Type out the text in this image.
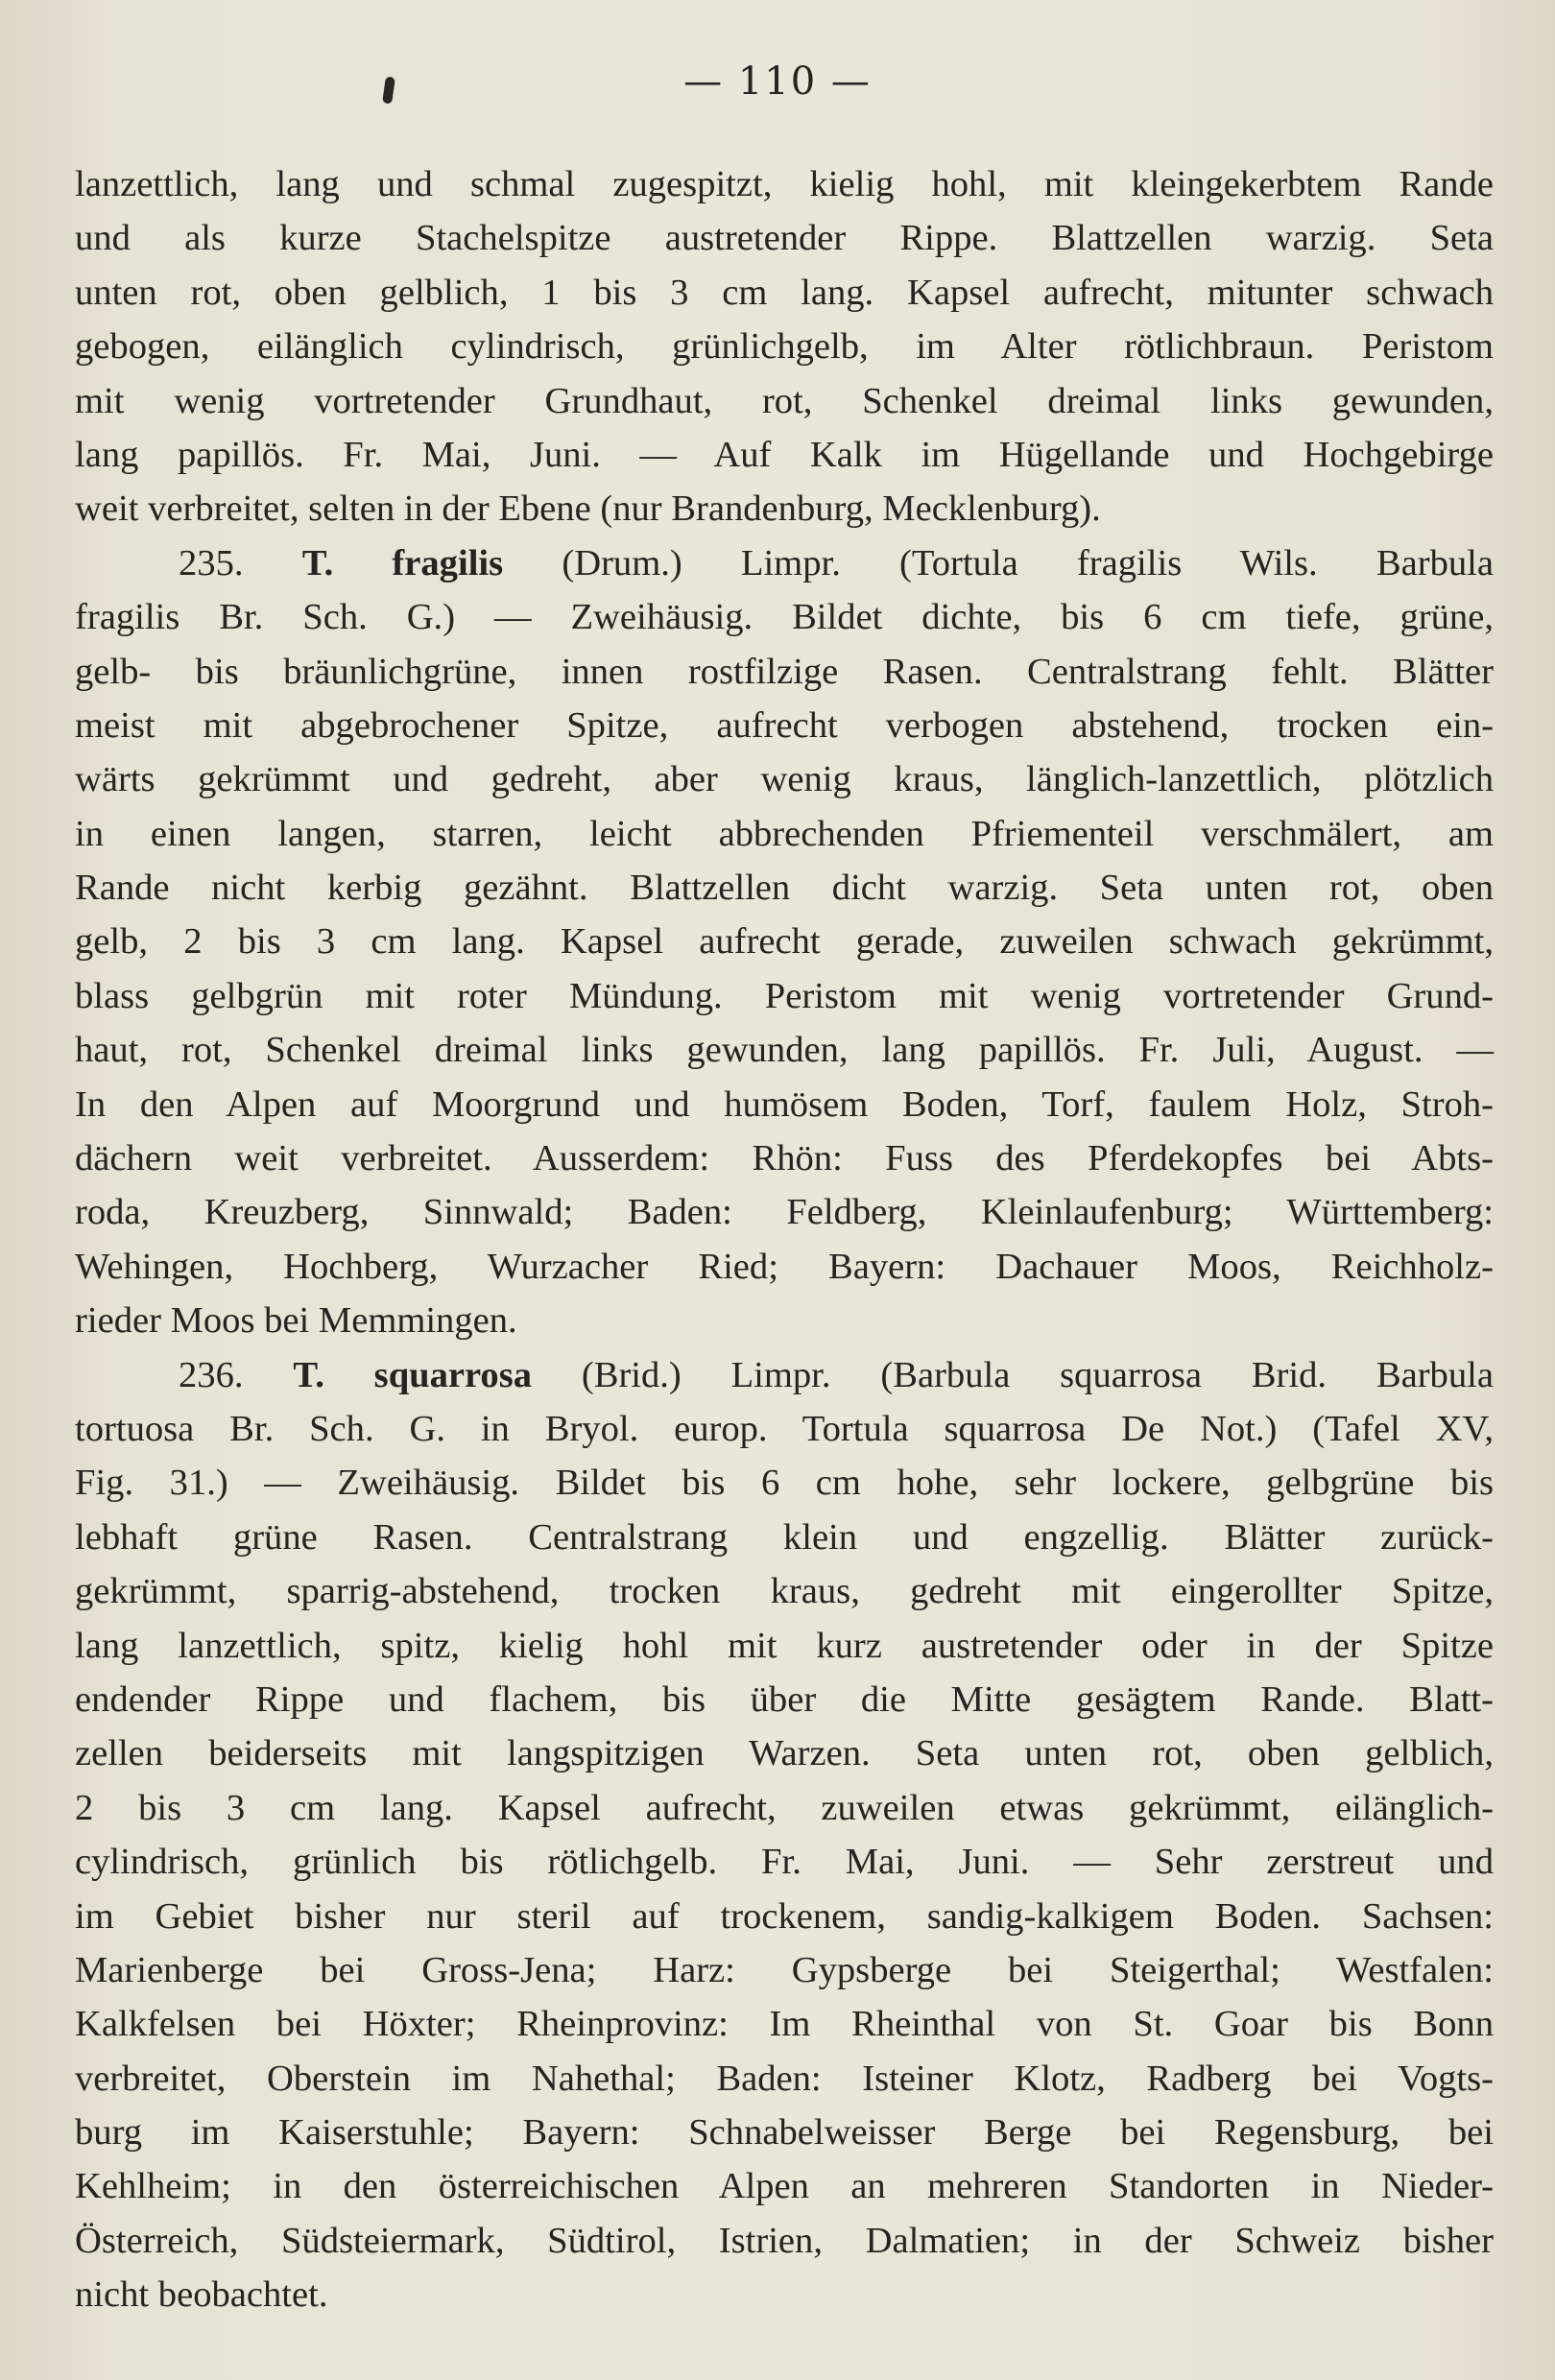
— 110 —
lanzettlich, lang und schmal zugespitzt, kielig hohl, mit kleingekerbtem Rande
und als kurze Stachelspitze austretender Rippe. Blattzellen warzig. Seta
unten rot, oben gelblich, 1 bis 3 cm lang. Kapsel aufrecht, mitunter schwach
gebogen, eilänglich cylindrisch, grünlichgelb, im Alter rötlichbraun. Peristom
mit wenig vortretender Grundhaut, rot, Schenkel dreimal links gewunden,
lang papillös. Fr. Mai, Juni. — Auf Kalk im Hügellande und Hochgebirge
weit verbreitet, selten in der Ebene (nur Brandenburg, Mecklenburg).
235. T. fragilis (Drum.) Limpr. (Tortula fragilis Wils. Barbula
fragilis Br. Sch. G.) — Zweihäusig. Bildet dichte, bis 6 cm tiefe, grüne,
gelb- bis bräunlichgrüne, innen rostfilzige Rasen. Centralstrang fehlt. Blätter
meist mit abgebrochener Spitze, aufrecht verbogen abstehend, trocken ein-
wärts gekrümmt und gedreht, aber wenig kraus, länglich-lanzettlich, plötzlich
in einen langen, starren, leicht abbrechenden Pfriementeil verschmälert, am
Rande nicht kerbig gezähnt. Blattzellen dicht warzig. Seta unten rot, oben
gelb, 2 bis 3 cm lang. Kapsel aufrecht gerade, zuweilen schwach gekrümmt,
blass gelbgrün mit roter Mündung. Peristom mit wenig vortretender Grund-
haut, rot, Schenkel dreimal links gewunden, lang papillös. Fr. Juli, August. —
In den Alpen auf Moorgrund und humösem Boden, Torf, faulem Holz, Stroh-
dächern weit verbreitet. Ausserdem: Rhön: Fuss des Pferdekopfes bei Abts-
roda, Kreuzberg, Sinnwald; Baden: Feldberg, Kleinlaufenburg; Württemberg:
Wehingen, Hochberg, Wurzacher Ried; Bayern: Dachauer Moos, Reichholz-
rieder Moos bei Memmingen.
236. T. squarrosa (Brid.) Limpr. (Barbula squarrosa Brid. Barbula
tortuosa Br. Sch. G. in Bryol. europ. Tortula squarrosa De Not.) (Tafel XV,
Fig. 31.) — Zweihäusig. Bildet bis 6 cm hohe, sehr lockere, gelbgrüne bis
lebhaft grüne Rasen. Centralstrang klein und engzellig. Blätter zurück-
gekrümmt, sparrig-abstehend, trocken kraus, gedreht mit eingerollter Spitze,
lang lanzettlich, spitz, kielig hohl mit kurz austretender oder in der Spitze
endender Rippe und flachem, bis über die Mitte gesägtem Rande. Blatt-
zellen beiderseits mit langspitzigen Warzen. Seta unten rot, oben gelblich,
2 bis 3 cm lang. Kapsel aufrecht, zuweilen etwas gekrümmt, eilänglich-
cylindrisch, grünlich bis rötlichgelb. Fr. Mai, Juni. — Sehr zerstreut und
im Gebiet bisher nur steril auf trockenem, sandig-kalkigem Boden. Sachsen:
Marienberge bei Gross-Jena; Harz: Gypsberge bei Steigerthal; Westfalen:
Kalkfelsen bei Höxter; Rheinprovinz: Im Rheinthal von St. Goar bis Bonn
verbreitet, Oberstein im Nahethal; Baden: Isteiner Klotz, Radberg bei Vogts-
burg im Kaiserstuhle; Bayern: Schnabelweisser Berge bei Regensburg, bei
Kehlheim; in den österreichischen Alpen an mehreren Standorten in Nieder-
Österreich, Südsteiermark, Südtirol, Istrien, Dalmatien; in der Schweiz bisher
nicht beobachtet.
